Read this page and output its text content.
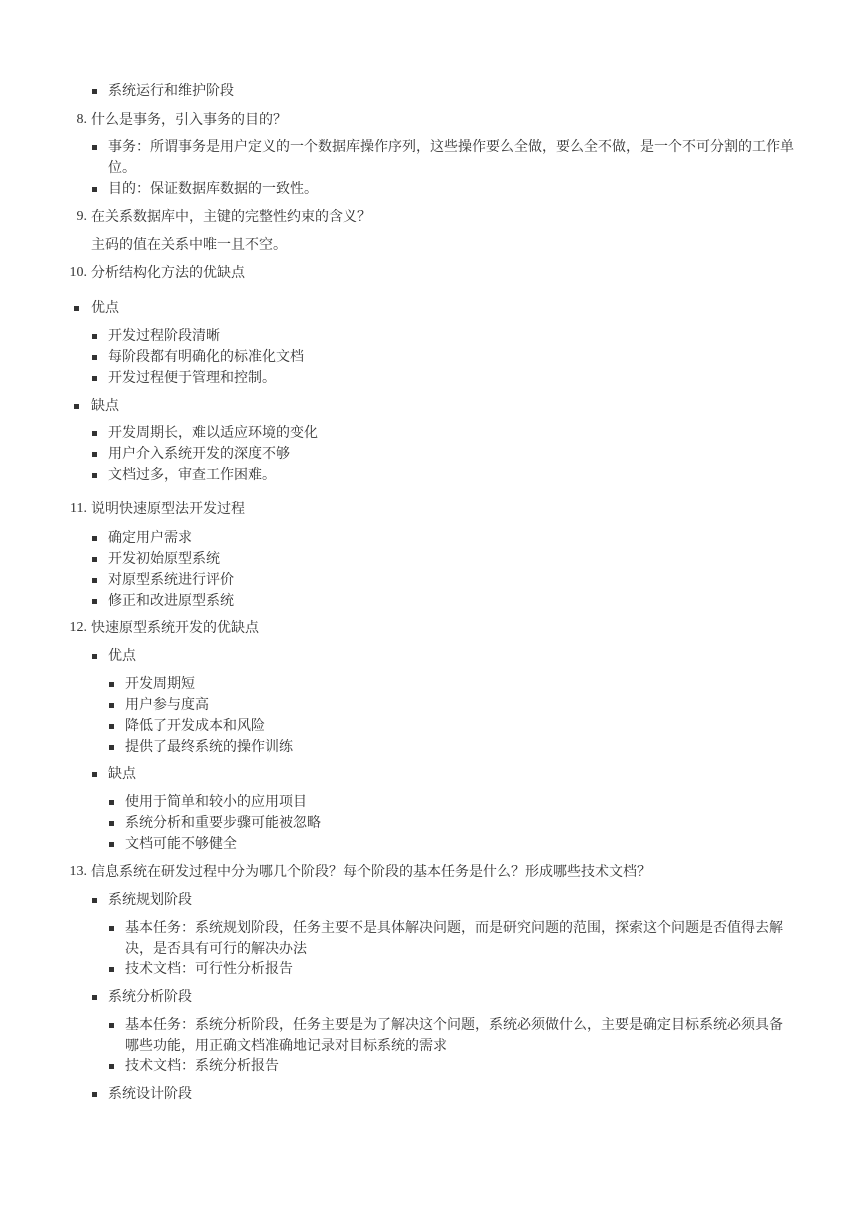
系统运行和维护阶段
8. 什么是事务，引入事务的目的？
事务：所谓事务是用户定义的一个数据库操作序列，这些操作要么全做，要么全不做，是一个不可分割的工作单位。
目的：保证数据库数据的一致性。
9. 在关系数据库中，主键的完整性约束的含义？
主码的值在关系中唯一且不空。
10. 分析结构化方法的优缺点
优点
开发过程阶段清晰
每阶段都有明确化的标准化文档
开发过程便于管理和控制。
缺点
开发周期长，难以适应环境的变化
用户介入系统开发的深度不够
文档过多，审查工作困难。
11. 说明快速原型法开发过程
确定用户需求
开发初始原型系统
对原型系统进行评价
修正和改进原型系统
12. 快速原型系统开发的优缺点
优点
开发周期短
用户参与度高
降低了开发成本和风险
提供了最终系统的操作训练
缺点
使用于简单和较小的应用项目
系统分析和重要步骤可能被忽略
文档可能不够健全
13. 信息系统在研发过程中分为哪几个阶段？每个阶段的基本任务是什么？形成哪些技术文档？
系统规划阶段
基本任务：系统规划阶段，任务主要不是具体解决问题，而是研究问题的范围，探索这个问题是否值得去解决，是否具有可行的解决办法
技术文档：可行性分析报告
系统分析阶段
基本任务：系统分析阶段，任务主要是为了解决这个问题，系统必须做什么，主要是确定目标系统必须具备哪些功能，用正确文档准确地记录对目标系统的需求
技术文档：系统分析报告
系统设计阶段
